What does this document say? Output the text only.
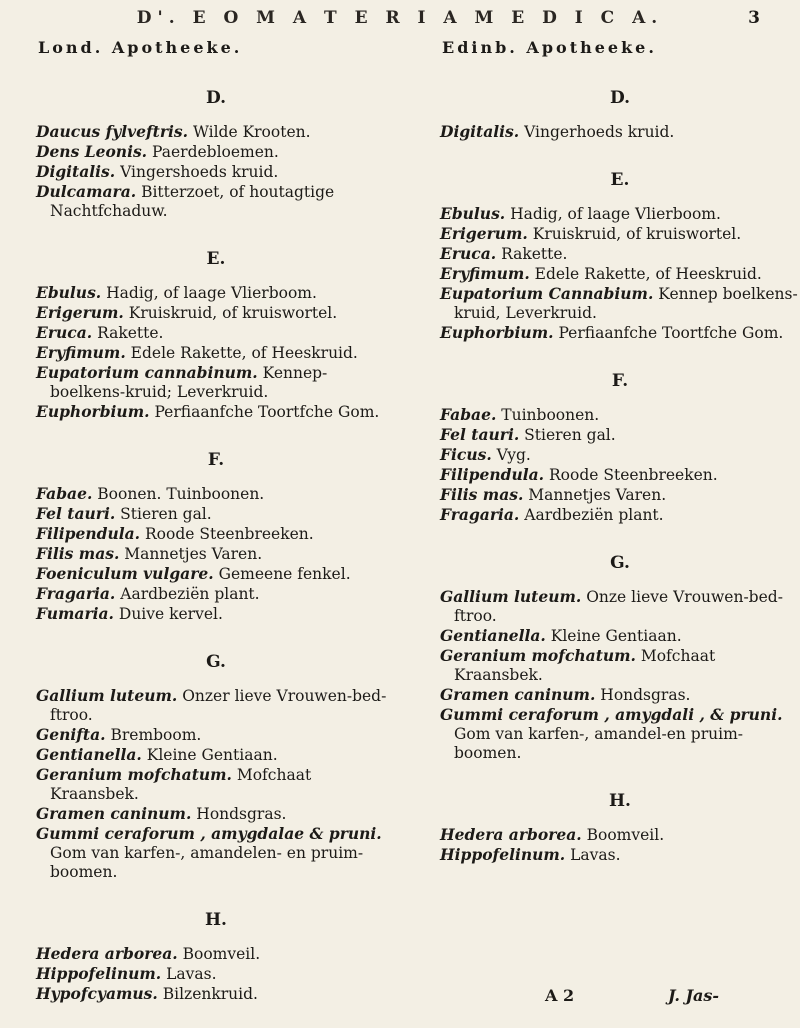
D'. E O M A T E R I A M E D I C A.	3
Lond. Apotheeke.	Edinb. Apotheeke.
D.

Daucus fylveftris. Wilde Krooten.

Dens Leonis. Paerdebloemen.

Digitalis. Vingershoeds kruid.

Dulcamara. Bitterzoet, of houtagtige Nachtfchaduw.

E.

Ebulus. Hadig, of laage Vlierboom.

Erigerum. Kruiskruid, of kruiswortel.

Eruca. Rakette.

Eryfimum. Edele Rakette, of Heeskruid.

Eupatorium cannabinum. Kennep-boelkens-kruid; Leverkruid.

Euphorbium. Perfiaanfche Toortfche Gom.

F.

Fabae. Boonen. Tuinboonen.

Fel tauri. Stieren gal.

Filipendula. Roode Steenbreeken.

Filis mas. Mannetjes Varen.

Foeniculum vulgare. Gemeene fenkel.

Fragaria. Aardbeziën plant.

Fumaria. Duive kervel.

G.

Gallium luteum. Onzer lieve Vrouwen-bed-ftroo.

Genifta. Bremboom.

Gentianella. Kleine Gentiaan.

Geranium mofchatum. Mofchaat Kraansbek.

Gramen caninum. Hondsgras.

Gummi ceraforum , amygdalae & pruni. Gom van karfen-, amandelen- en pruim-boomen.

H.

Hedera arborea. Boomveil.

Hippofelinum. Lavas.

Hypofcyamus. Bilzenkruid.

D.

Digitalis. Vingerhoeds kruid.

E.

Ebulus. Hadig, of laage Vlierboom.

Erigerum. Kruiskruid, of kruiswortel.

Eruca. Rakette.

Eryfimum. Edele Rakette, of Heeskruid.

Eupatorium Cannabium. Kennep boelkens-kruid, Leverkruid.

Euphorbium. Perfiaanfche Toortfche Gom.

F.

Fabae. Tuinboonen.

Fel tauri. Stieren gal.

Ficus. Vyg.

Filipendula. Roode Steenbreeken.

Filis mas. Mannetjes Varen.

Fragaria. Aardbeziën plant.

G.

Gallium luteum. Onze lieve Vrouwen-bed-ftroo.

Gentianella. Kleine Gentiaan.

Geranium mofchatum. Mofchaat Kraansbek.

Gramen caninum. Hondsgras.

Gummi ceraforum , amygdali , & pruni. Gom van karfen-, amandel-en pruim-boomen.

H.

Hedera arborea. Boomveil.

Hippofelinum. Lavas.

A 2	J. Jas-
